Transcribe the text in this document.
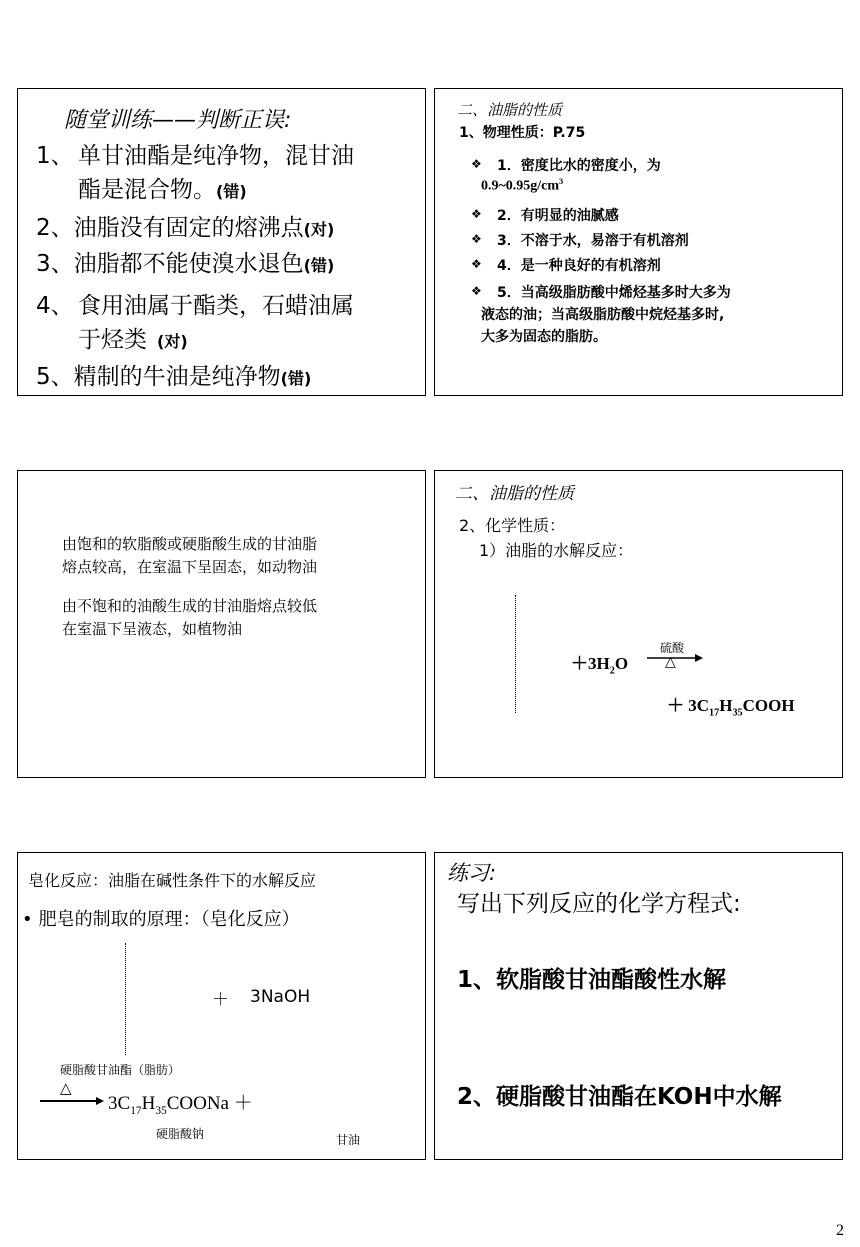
随堂训练——判断正误:
1、 单甘油酯是纯净物，混甘油
酯是混合物。(错)
2、油脂没有固定的熔沸点(对)
3、油脂都不能使溴水退色(错)
4、 食用油属于酯类，石蜡油属
于烃类 (对)
5、精制的牛油是纯净物(错)
二、油脂的性质
1、物理性质：P.75
❖ 1．密度比水的密度小，为
$0.9\sim 0.95g/cm^3$
❖ 2．有明显的油腻感
❖ 3．不溶于水，易溶于有机溶剂
❖ 4．是一种良好的有机溶剂
❖ 5．当高级脂肪酸中烯烃基多时大多为
液态的油；当高级脂肪酸中烷烃基多时,
大多为固态的脂肪。
由饱和的软脂酸或硬脂酸生成的甘油脂
熔点较高，在室温下呈固态，如动物油
由不饱和的油酸生成的甘油脂熔点较低
在室温下呈液态，如植物油
二、油脂的性质
2、化学性质：
1）油脂的水解反应：
$+3H_2O$
硫酸
△
＋ $3C_{17}H_{35}COOH$
皂化反应：油脂在碱性条件下的水解反应
• 肥皂的制取的原理：（皂化反应）
＋ 3NaOH
硬脂酸甘油酯（脂肪）
△
→ $3C_{17}H_{35}COONa$ ＋
硬脂酸钠	甘油
练习:
写出下列反应的化学方程式:
1、软脂酸甘油酯酸性水解
2、硬脂酸甘油酯在KOH中水解
2
